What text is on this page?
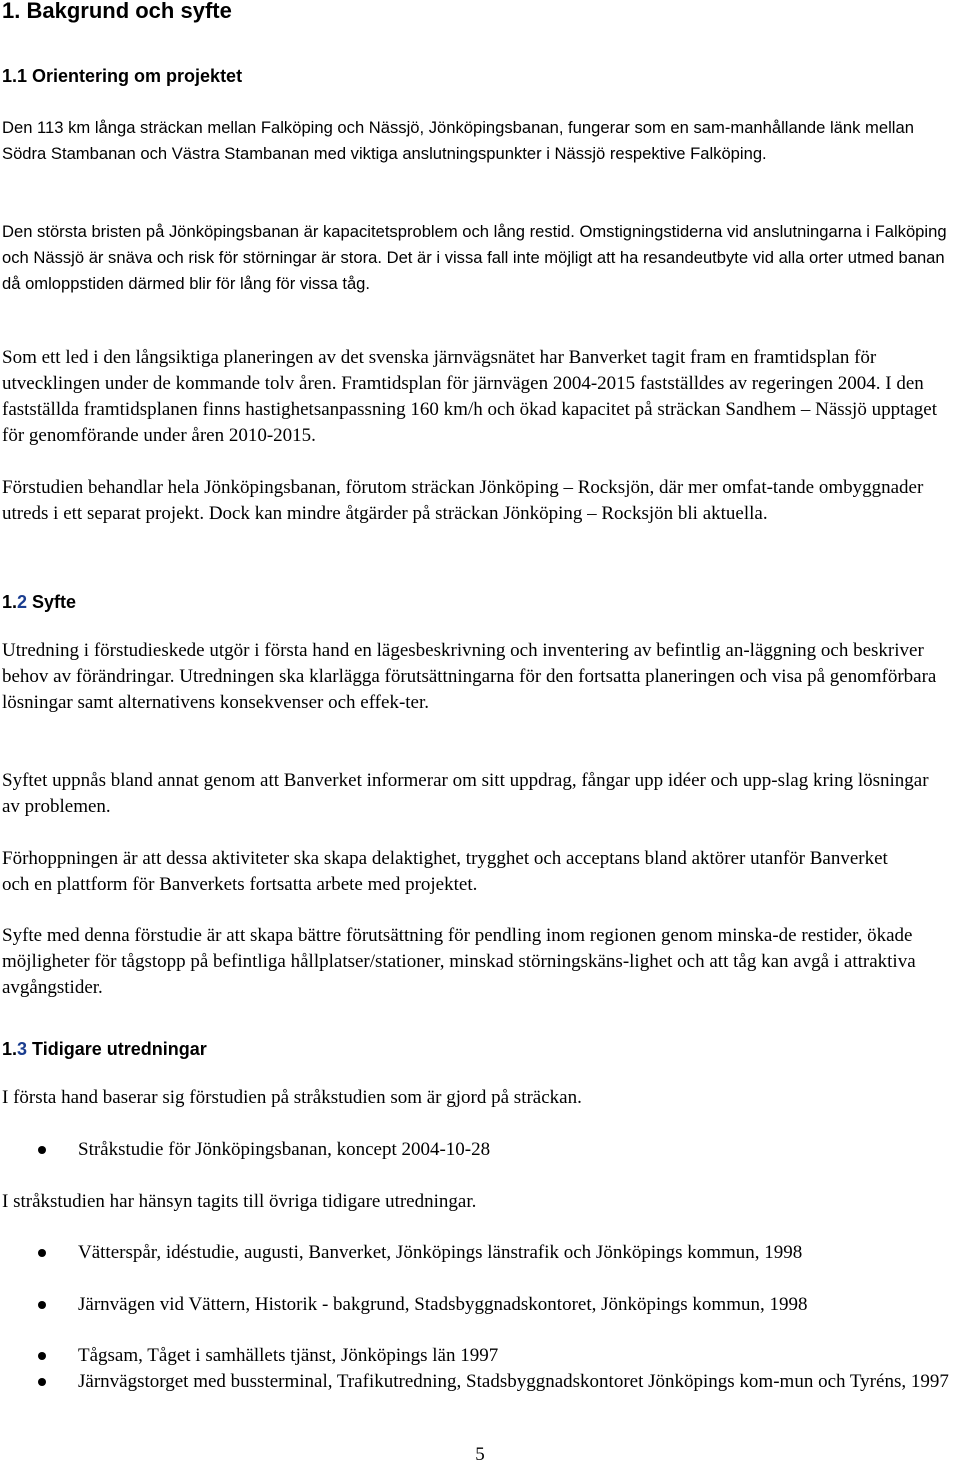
1. Bakgrund och syfte
1.1 Orientering om projektet

Den 113 km långa sträckan mellan Falköping och Nässjö, Jönköpingsbanan, fungerar som en sam-manhållande länk mellan Södra Stambanan och Västra Stambanan med viktiga anslutningspunkter i Nässjö respektive Falköping.

Den största bristen på Jönköpingsbanan är kapacitetsproblem och lång restid. Omstigningstiderna vid anslutningarna i Falköping och Nässjö är snäva och risk för störningar är stora. Det är i vissa fall inte möjligt att ha resandeutbyte vid alla orter utmed banan då omloppstiden därmed blir för lång för vissa tåg.

Som ett led i den långsiktiga planeringen av det svenska järnvägsnätet har Banverket tagit fram en framtidsplan för utvecklingen under de kommande tolv åren. Framtidsplan för järnvägen 2004-2015 fastställdes av regeringen 2004. I den fastställda framtidsplanen finns hastighetsanpassning 160 km/h och ökad kapacitet på sträckan Sandhem – Nässjö upptaget för genomförande under åren 2010-2015.

Förstudien behandlar hela Jönköpingsbanan, förutom sträckan Jönköping – Rocksjön, där mer omfat-tande ombyggnader utreds i ett separat projekt. Dock kan mindre åtgärder på sträckan Jönköping – Rocksjön bli aktuella.

1.2 Syfte

Utredning i förstudieskede utgör i första hand en lägesbeskrivning och inventering av befintlig an-läggning och beskriver behov av förändringar. Utredningen ska klarlägga förutsättningarna för den fortsatta planeringen och visa på genomförbara lösningar samt alternativens konsekvenser och effek-ter.

Syftet uppnås bland annat genom att Banverket informerar om sitt uppdrag, fångar upp idéer och upp-slag kring lösningar av problemen.

Förhoppningen är att dessa aktiviteter ska skapa delaktighet, trygghet och acceptans bland aktörer utanför Banverket och en plattform för Banverkets fortsatta arbete med projektet.

Syfte med denna förstudie är att skapa bättre förutsättning för pendling inom regionen genom minska-de restider, ökade möjligheter för tågstopp på befintliga hållplatser/stationer, minskad störningskäns-lighet och att tåg kan avgå i attraktiva avgångstider.

1.3 Tidigare utredningar

I första hand baserar sig förstudien på stråkstudien som är gjord på sträckan.

Stråkstudie för Jönköpingsbanan, koncept 2004-10-28

I stråkstudien har hänsyn tagits till övriga tidigare utredningar.

Vätterspår, idéstudie, augusti, Banverket, Jönköpings länstrafik och Jönköpings kommun, 1998
Järnvägen vid Vättern, Historik - bakgrund, Stadsbyggnadskontoret, Jönköpings kommun, 1998
Tågsam, Tåget i samhällets tjänst, Jönköpings län 1997
Järnvägstorget med bussterminal, Trafikutredning, Stadsbyggnadskontoret Jönköpings kom-mun och Tyréns, 1997
5
